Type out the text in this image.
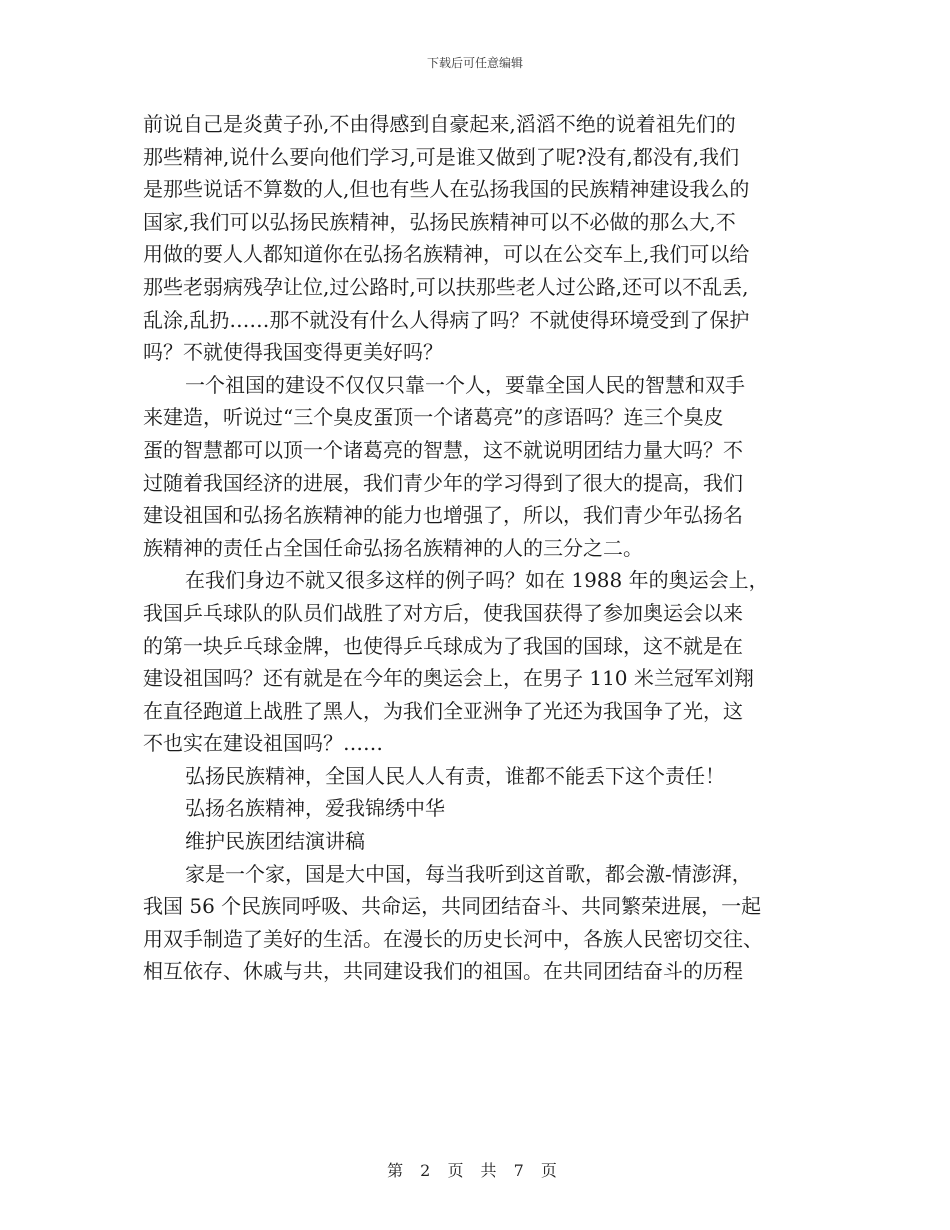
下载后可任意编辑
前说自己是炎黄子孙,不由得感到自豪起来,滔滔不绝的说着祖先们的
那些精神,说什么要向他们学习,可是谁又做到了呢?没有,都没有,我们
是那些说话不算数的人,但也有些人在弘扬我国的民族精神建设我么的
国家,我们可以弘扬民族精神，弘扬民族精神可以不必做的那么大,不
用做的要人人都知道你在弘扬名族精神，可以在公交车上,我们可以给
那些老弱病残孕让位,过公路时,可以扶那些老人过公路,还可以不乱丢,
乱涂,乱扔……那不就没有什么人得病了吗？不就使得环境受到了保护
吗？不就使得我国变得更美好吗？
一个祖国的建设不仅仅只靠一个人，要靠全国人民的智慧和双手
来建造，听说过“三个臭皮蛋顶一个诸葛亮”的彦语吗？连三个臭皮
蛋的智慧都可以顶一个诸葛亮的智慧，这不就说明团结力量大吗？不
过随着我国经济的进展，我们青少年的学习得到了很大的提高，我们
建设祖国和弘扬名族精神的能力也增强了，所以，我们青少年弘扬名
族精神的责任占全国任命弘扬名族精神的人的三分之二。
在我们身边不就又很多这样的例子吗？如在 1988 年的奥运会上，
我国乒乓球队的队员们战胜了对方后，使我国获得了参加奥运会以来
的第一块乒乓球金牌，也使得乒乓球成为了我国的国球，这不就是在
建设祖国吗？还有就是在今年的奥运会上，在男子 110 米兰冠军刘翔
在直径跑道上战胜了黑人，为我们全亚洲争了光还为我国争了光，这
不也实在建设祖国吗？……
弘扬民族精神，全国人民人人有责，谁都不能丢下这个责任！
弘扬名族精神，爱我锦绣中华
维护民族团结演讲稿
家是一个家，国是大中国，每当我听到这首歌，都会激-情澎湃，
我国 56 个民族同呼吸、共命运，共同团结奋斗、共同繁荣进展，一起
用双手制造了美好的生活。在漫长的历史长河中，各族人民密切交往、
相互依存、休戚与共，共同建设我们的祖国。在共同团结奋斗的历程
第 2 页 共 7 页
